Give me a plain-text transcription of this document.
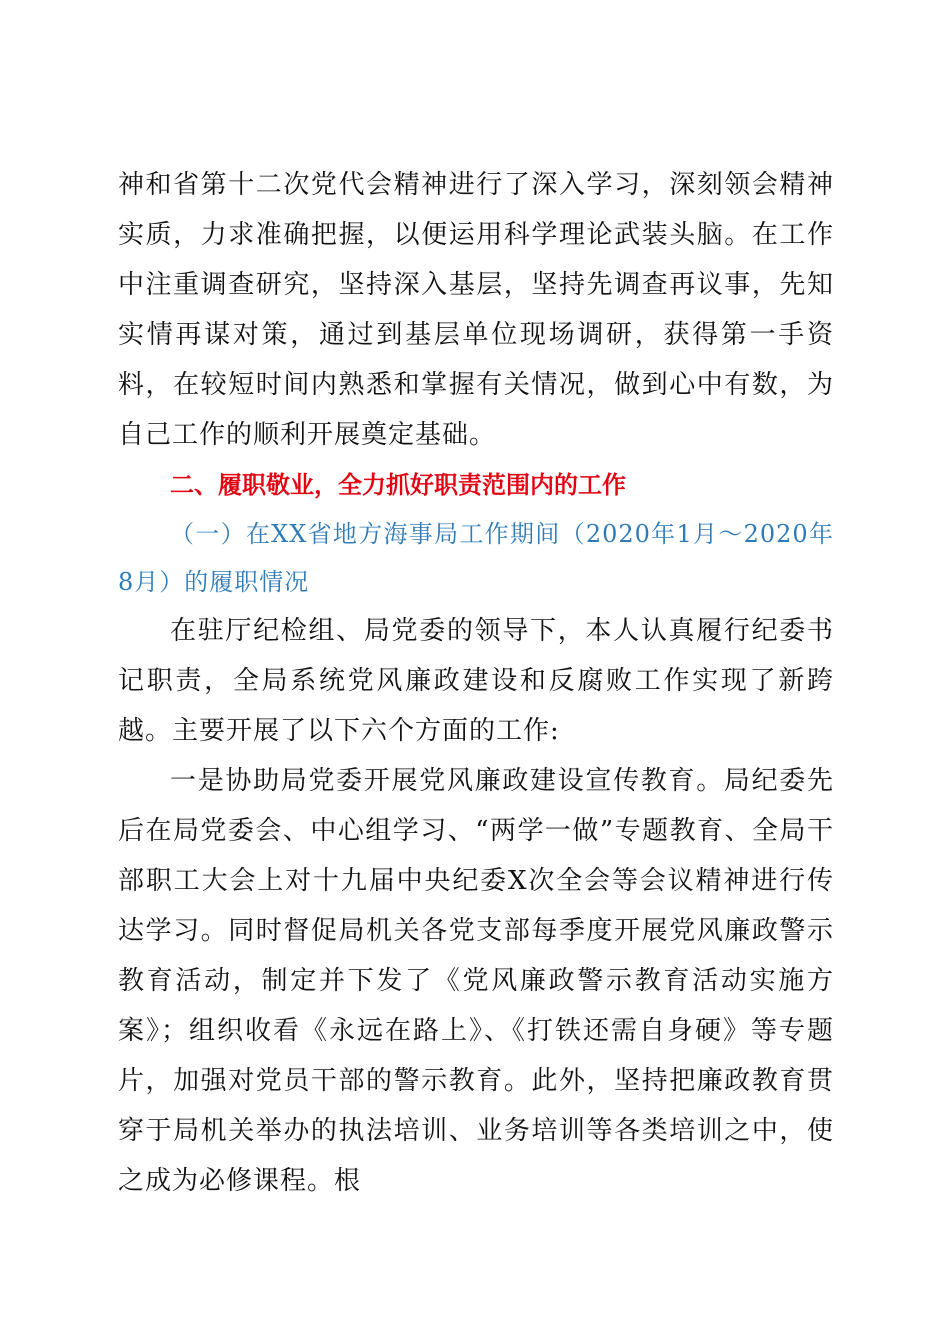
神和省第十二次党代会精神进行了深入学习，深刻领会精神实质，力求准确把握，以便运用科学理论武装头脑。在工作中注重调查研究，坚持深入基层，坚持先调查再议事，先知实情再谋对策，通过到基层单位现场调研，获得第一手资料，在较短时间内熟悉和掌握有关情况，做到心中有数，为自己工作的顺利开展奠定基础。

二、履职敬业，全力抓好职责范围内的工作

（一）在XX省地方海事局工作期间（2020年1月～2020年8月）的履职情况

在驻厅纪检组、局党委的领导下，本人认真履行纪委书记职责，全局系统党风廉政建设和反腐败工作实现了新跨越。主要开展了以下六个方面的工作:

一是协助局党委开展党风廉政建设宣传教育。局纪委先后在局党委会、中心组学习、“两学一做”专题教育、全局干部职工大会上对十九届中央纪委X次全会等会议精神进行传达学习。同时督促局机关各党支部每季度开展党风廉政警示教育活动，制定并下发了《党风廉政警示教育活动实施方案》；组织收看《永远在路上》、《打铁还需自身硬》等专题片，加强对党员干部的警示教育。此外，坚持把廉政教育贯穿于局机关举办的执法培训、业务培训等各类培训之中，使之成为必修课程。根
